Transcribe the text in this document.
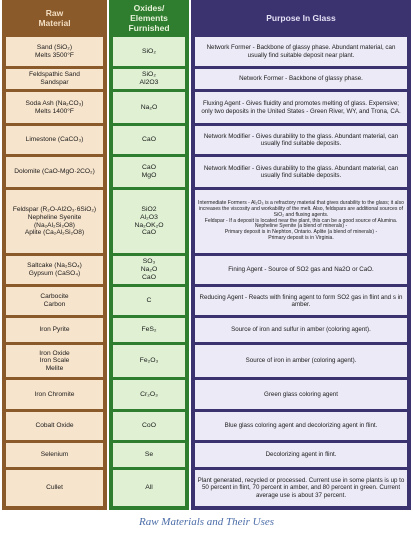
Raw
Material
Sand (SiO₂)
Melts 3500°F
Feldspathic Sand
Sandspar
Soda Ash (Na₂CO₃)
Melts 1400°F
Limestone (CaCO₃)
Dolomite (CaO-MgO·2CO₂)
Feldspar (R₂O-Al2O₃·6SiO₂)
Nepheline Syenite (Na₂Al₂Si₂O8)
Aplite (Ca₂Al₂Si₂O8)
Saltcake (Na₂SO₄)
Gypsum (CaSO₄)
Carbocite
Carbon
Iron Pyrite
Iron Oxide
Iron Scale
Melite
Iron Chromite
Cobalt Oxide
Selenium
Cullet
Oxides/
Elements
Furnished
SiO₂
SiO₂
Al2O3
Na₂O
CaO
CaO
MgO
SiO2
Al₂O3
Na₂OK₂O
CaO
SO₃
Na₂O
CaO
C
FeS₂
Fe₂O₃
Cr₂O₃
CoO
Se
All
Purpose In Glass
Network Former - Backbone of glassy phase. Abundant material, can usually find suitable deposit near plant.
Network Former - Backbone of glassy phase.
Fluxing Agent - Gives fluidity and promotes melting of glass. Expensive; only two deposits in the United States - Green River, WY, and Trona, CA.
Network Modifier - Gives durability to the glass. Abundant material, can usually find suitable deposits.
Network Modifier - Gives durability to the glass. Abundant material, can usually find suitable deposits.
Intermediate Formers - Al₂O₃ is a refractory material that gives durability to the glass; it also increases the viscosity and workability of the melt. Also, feldspars are additional sources of SiO₂ and fluxing agents.
Feldspar - If a deposit is located near the plant, this can be a good source of Alumina. Nepheline Syenite (a blend of minerals) -
Primary deposit is in Nephton, Ontario. Aplite (a blend of minerals) -
Primary deposit is in Virginia.
Fining Agent - Source of SO2 gas and Na2O or CaO.
Reducing Agent - Reacts with fining agent to form SO2 gas in flint and s in amber.
Source of iron and sulfur in amber (coloring agent).
Source of iron in amber (coloring agent).
Green glass coloring agent
Blue glass coloring agent and decolorizing agent in flint.
Decolorizing agent in flint.
Plant generated, recycled or processed. Current use in some plants is up to 50 percent in flint, 70 percent in amber, and 80 percent in green. Current average use is about 37 percent.
Raw Materials and Their Uses
